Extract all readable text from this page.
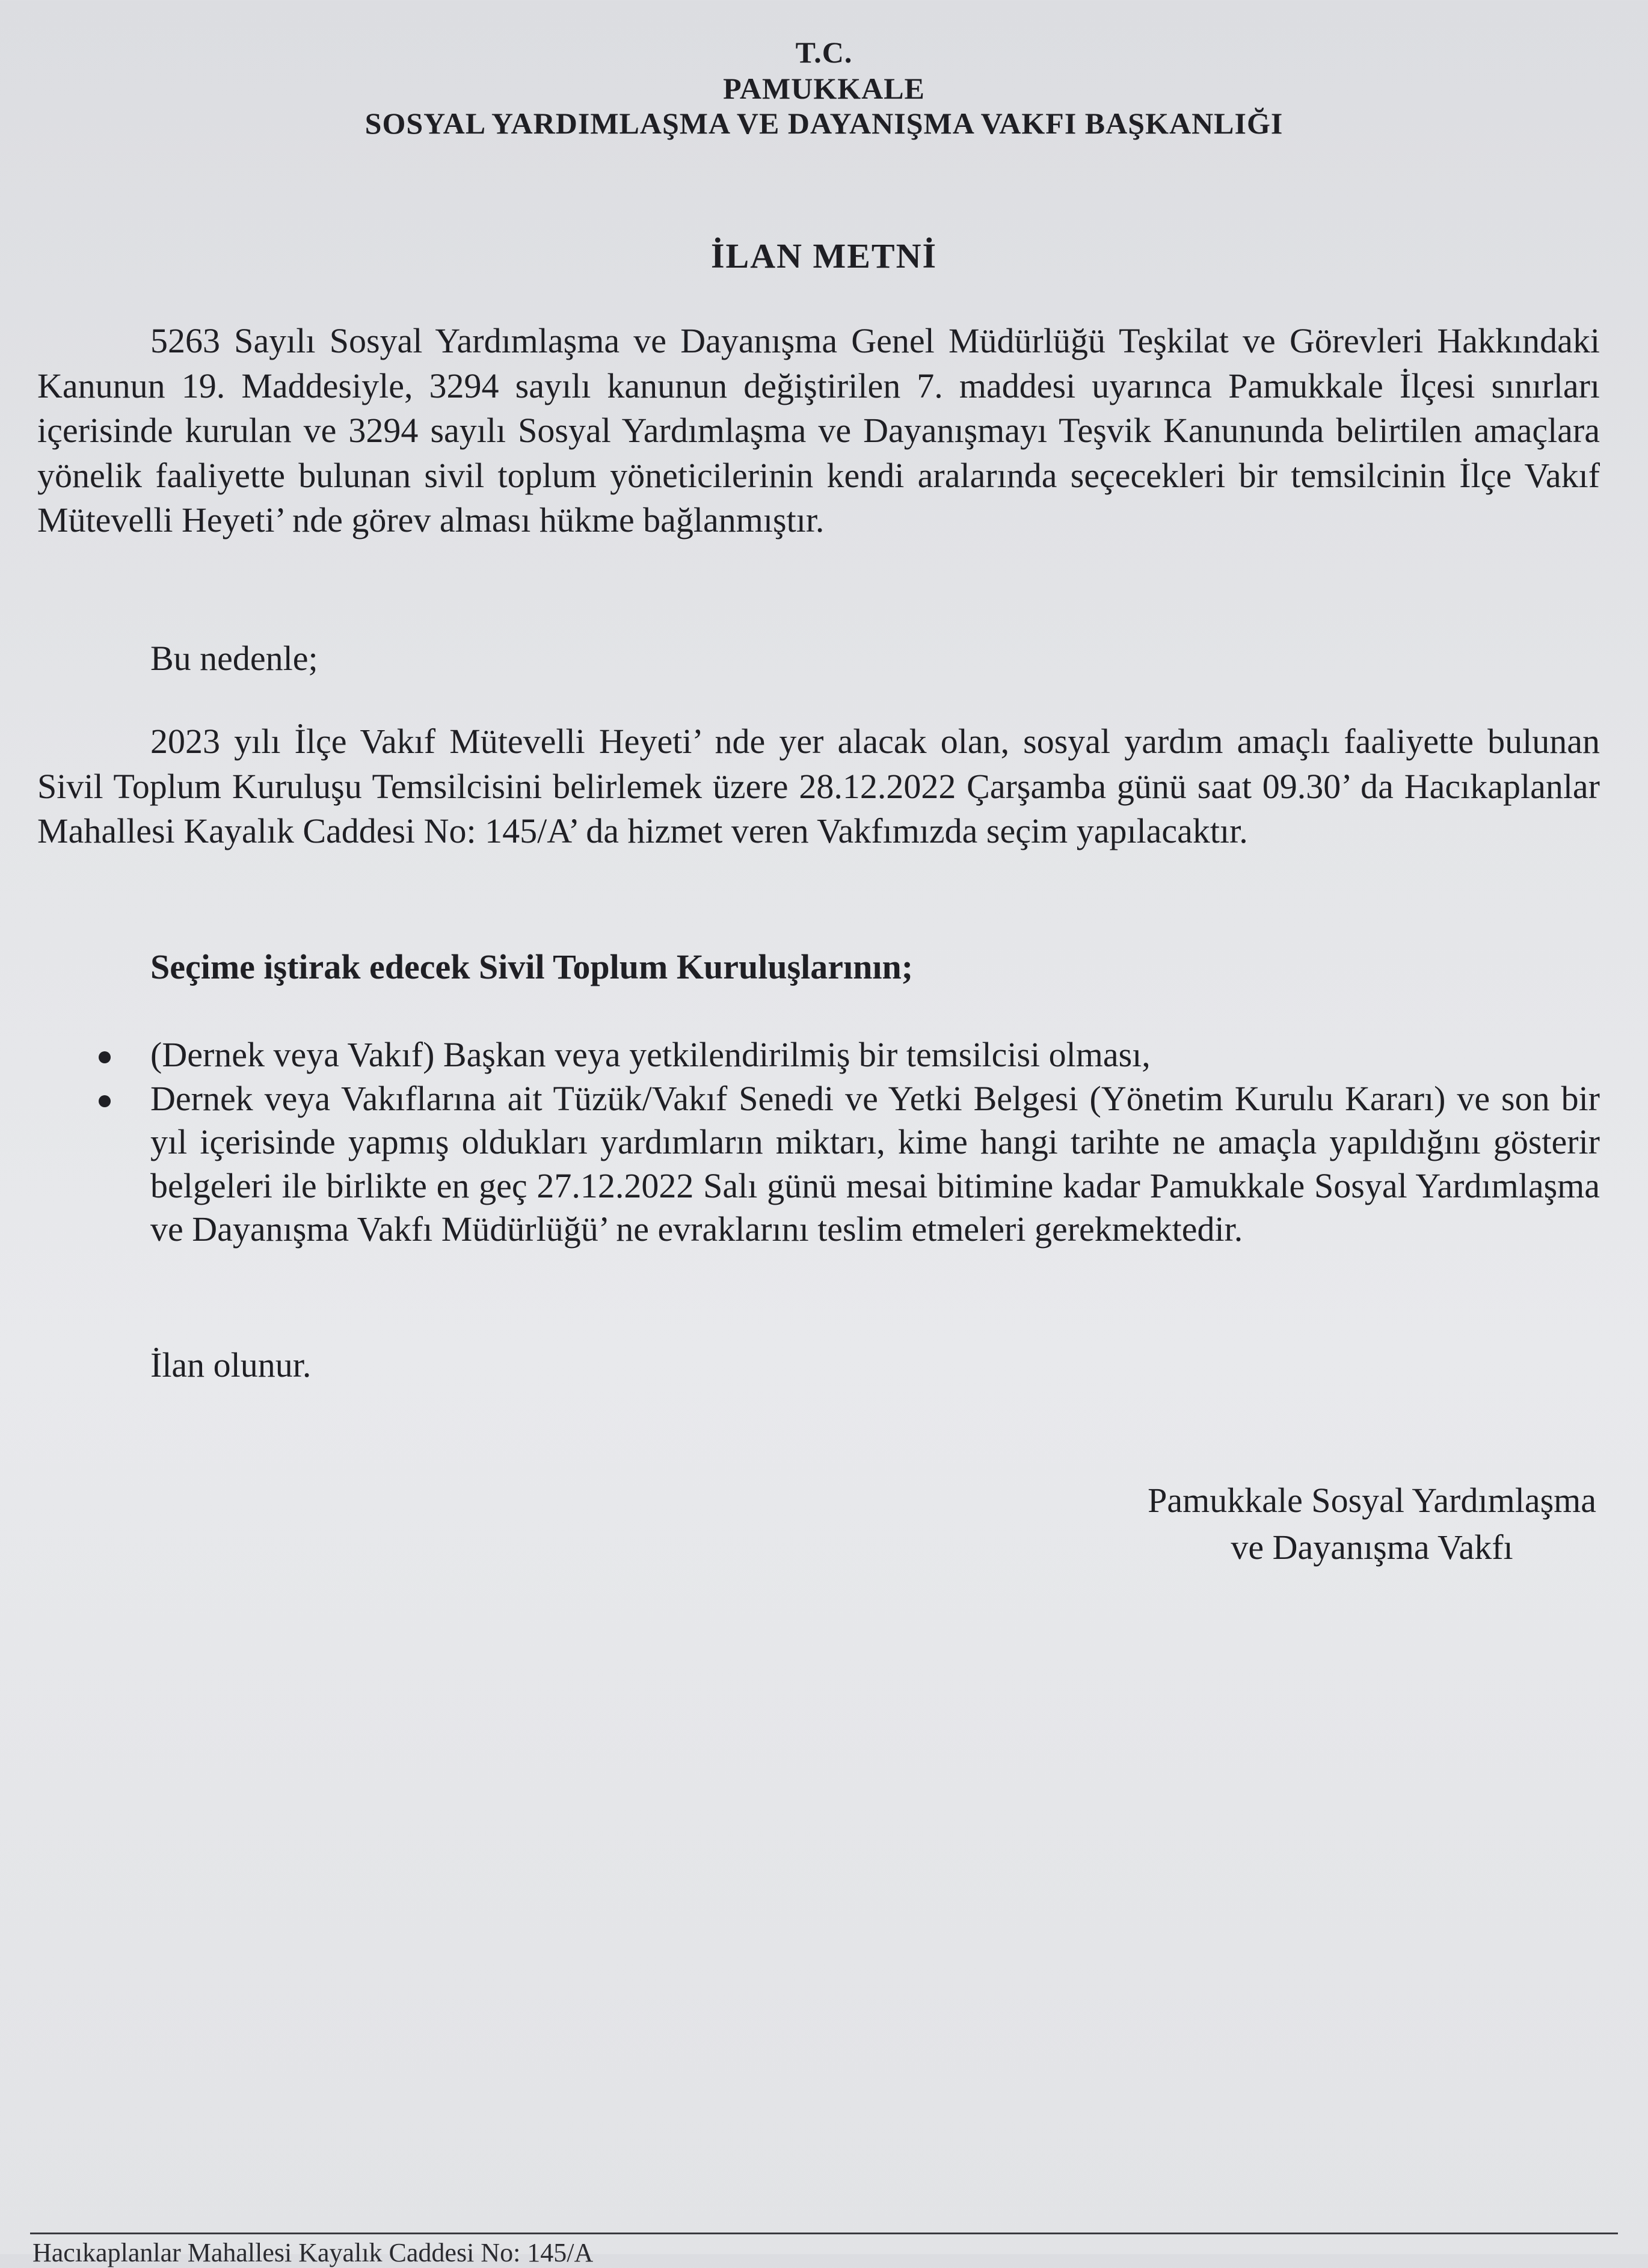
T.C.
PAMUKKALE
SOSYAL YARDIMLAŞMA VE DAYANIŞMA VAKFI BAŞKANLIĞI
İLAN METNİ

5263 Sayılı Sosyal Yardımlaşma ve Dayanışma Genel Müdürlüğü Teşkilat ve Görevleri Hakkındaki Kanunun 19. Maddesiyle, 3294 sayılı kanunun değiştirilen 7. maddesi uyarınca Pamukkale İlçesi sınırları içerisinde kurulan ve 3294 sayılı Sosyal Yardımlaşma ve Dayanışmayı Teşvik Kanununda belirtilen amaçlara yönelik faaliyette bulunan sivil toplum yöneticilerinin kendi aralarında seçecekleri bir temsilcinin İlçe Vakıf Mütevelli Heyeti’ nde görev alması hükme bağlanmıştır.

Bu nedenle;

2023 yılı İlçe Vakıf Mütevelli Heyeti’ nde yer alacak olan, sosyal yardım amaçlı faaliyette bulunan Sivil Toplum Kuruluşu Temsilcisini belirlemek üzere 28.12.2022 Çarşamba günü saat 09.30’ da Hacıkaplanlar Mahallesi Kayalık Caddesi No: 145/A’ da hizmet veren Vakfımızda seçim yapılacaktır.

Seçime iştirak edecek Sivil Toplum Kuruluşlarının;
(Dernek veya Vakıf) Başkan veya yetkilendirilmiş bir temsilcisi olması,
Dernek veya Vakıflarına ait Tüzük/Vakıf Senedi ve Yetki Belgesi (Yönetim Kurulu Kararı) ve son bir yıl içerisinde yapmış oldukları yardımların miktarı, kime hangi tarihte ne amaçla yapıldığını gösterir belgeleri ile birlikte en geç 27.12.2022 Salı günü mesai bitimine kadar Pamukkale Sosyal Yardımlaşma ve Dayanışma Vakfı Müdürlüğü’ ne evraklarını teslim etmeleri gerekmektedir.
İlan olunur.
Pamukkale Sosyal Yardımlaşma
ve Dayanışma Vakfı
Hacıkaplanlar Mahallesi Kayalık Caddesi No: 145/A
